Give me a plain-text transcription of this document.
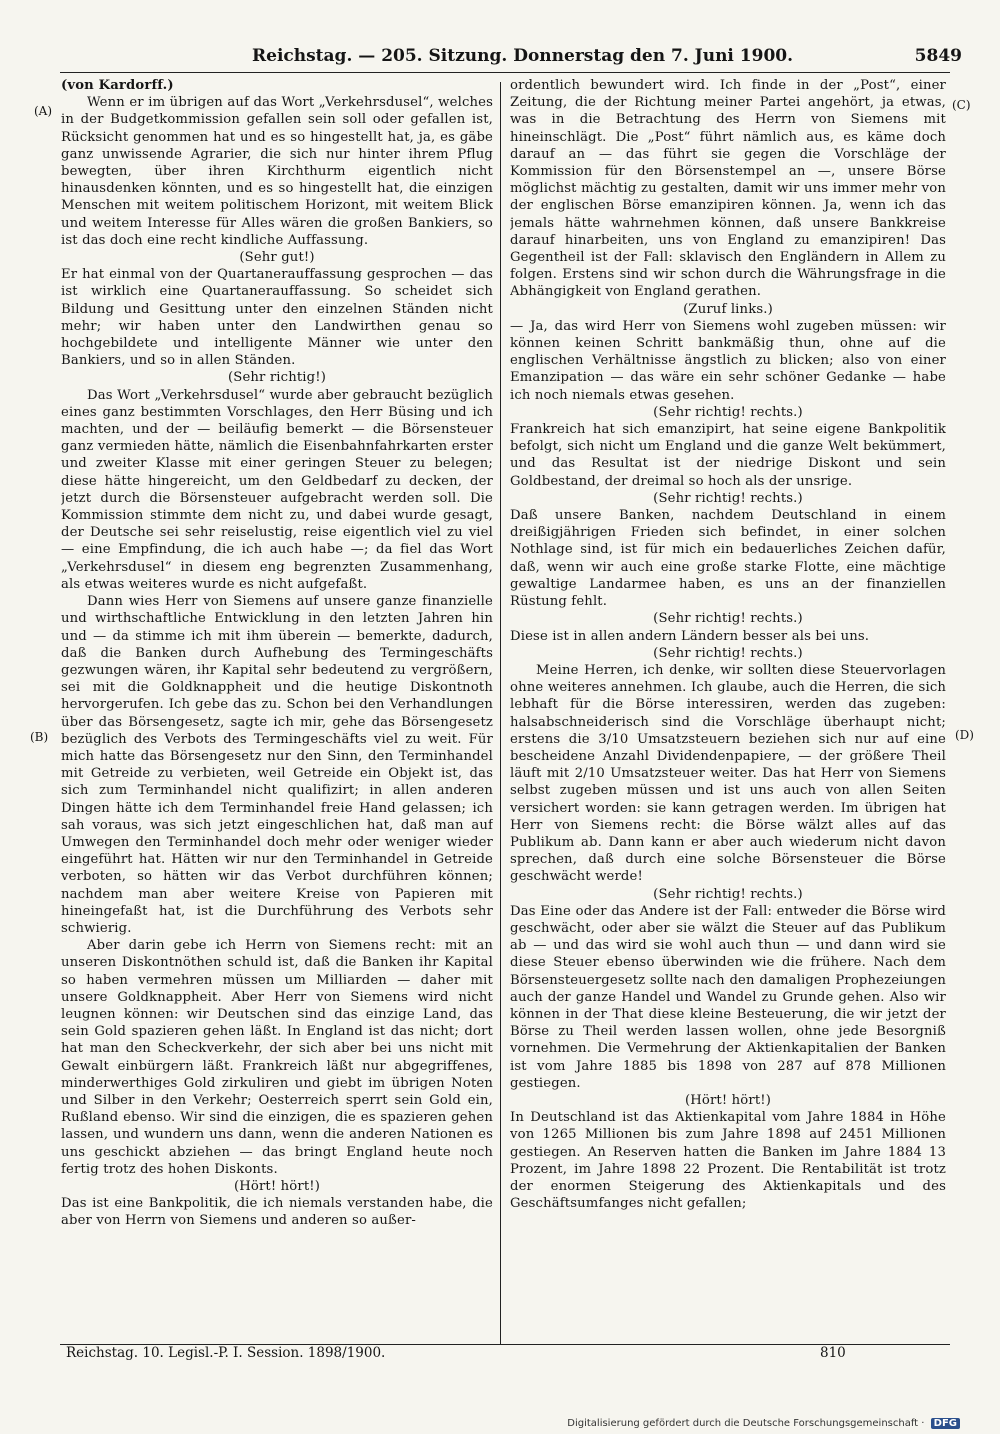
Reichstag. — 205. Sitzung. Donnerstag den 7. Juni 1900.	5849
(A)
(B)
(C)
(D)

(von Kardorff.)

Wenn er im übrigen auf das Wort „Verkehrsdusel“, welches in der Budgetkommission gefallen sein soll oder gefallen ist, Rücksicht genommen hat und es so hingestellt hat, ja, es gäbe ganz unwissende Agrarier, die sich nur hinter ihrem Pflug bewegten, über ihren Kirchthurm eigentlich nicht hinausdenken könnten, und es so hingestellt hat, die einzigen Menschen mit weitem politischem Horizont, mit weitem Blick und weitem Interesse für Alles wären die großen Bankiers, so ist das doch eine recht kindliche Auffassung.

(Sehr gut!)

Er hat einmal von der Quartanerauffassung gesprochen — das ist wirklich eine Quartanerauffassung. So scheidet sich Bildung und Gesittung unter den einzelnen Ständen nicht mehr; wir haben unter den Landwirthen genau so hochgebildete und intelligente Männer wie unter den Bankiers, und so in allen Ständen.

(Sehr richtig!)

Das Wort „Verkehrsdusel“ wurde aber gebraucht bezüglich eines ganz bestimmten Vorschlages, den Herr Büsing und ich machten, und der — beiläufig bemerkt — die Börsensteuer ganz vermieden hätte, nämlich die Eisenbahnfahrkarten erster und zweiter Klasse mit einer geringen Steuer zu belegen; diese hätte hingereicht, um den Geldbedarf zu decken, der jetzt durch die Börsensteuer aufgebracht werden soll. Die Kommission stimmte dem nicht zu, und dabei wurde gesagt, der Deutsche sei sehr reiselustig, reise eigentlich viel zu viel — eine Empfindung, die ich auch habe —; da fiel das Wort „Verkehrsdusel“ in diesem eng begrenzten Zusammenhang, als etwas weiteres wurde es nicht aufgefaßt.

Dann wies Herr von Siemens auf unsere ganze finanzielle und wirthschaftliche Entwicklung in den letzten Jahren hin und — da stimme ich mit ihm überein — bemerkte, dadurch, daß die Banken durch Aufhebung des Termingeschäfts gezwungen wären, ihr Kapital sehr bedeutend zu vergrößern, sei mit die Goldknappheit und die heutige Diskontnoth hervorgerufen. Ich gebe das zu. Schon bei den Verhandlungen über das Börsengesetz, sagte ich mir, gehe das Börsengesetz bezüglich des Verbots des Termingeschäfts viel zu weit. Für mich hatte das Börsengesetz nur den Sinn, den Terminhandel mit Getreide zu verbieten, weil Getreide ein Objekt ist, das sich zum Terminhandel nicht qualifizirt; in allen anderen Dingen hätte ich dem Terminhandel freie Hand gelassen; ich sah voraus, was sich jetzt eingeschlichen hat, daß man auf Umwegen den Terminhandel doch mehr oder weniger wieder eingeführt hat. Hätten wir nur den Terminhandel in Getreide verboten, so hätten wir das Verbot durchführen können; nachdem man aber weitere Kreise von Papieren mit hineingefaßt hat, ist die Durchführung des Verbots sehr schwierig.

Aber darin gebe ich Herrn von Siemens recht: mit an unseren Diskontnöthen schuld ist, daß die Banken ihr Kapital so haben vermehren müssen um Milliarden — daher mit unsere Goldknappheit. Aber Herr von Siemens wird nicht leugnen können: wir Deutschen sind das einzige Land, das sein Gold spazieren gehen läßt. In England ist das nicht; dort hat man den Scheckverkehr, der sich aber bei uns nicht mit Gewalt einbürgern läßt. Frankreich läßt nur abgegriffenes, minderwerthiges Gold zirkuliren und giebt im übrigen Noten und Silber in den Verkehr; Oesterreich sperrt sein Gold ein, Rußland ebenso. Wir sind die einzigen, die es spazieren gehen lassen, und wundern uns dann, wenn die anderen Nationen es uns geschickt abziehen — das bringt England heute noch fertig trotz des hohen Diskonts.

(Hört! hört!)

Das ist eine Bankpolitik, die ich niemals verstanden habe, die aber von Herrn von Siemens und anderen so außer-

ordentlich bewundert wird. Ich finde in der „Post“, einer Zeitung, die der Richtung meiner Partei angehört, ja etwas, was in die Betrachtung des Herrn von Siemens mit hineinschlägt. Die „Post“ führt nämlich aus, es käme doch darauf an — das führt sie gegen die Vorschläge der Kommission für den Börsenstempel an —, unsere Börse möglichst mächtig zu gestalten, damit wir uns immer mehr von der englischen Börse emanzipiren können. Ja, wenn ich das jemals hätte wahrnehmen können, daß unsere Bankkreise darauf hinarbeiten, uns von England zu emanzipiren! Das Gegentheil ist der Fall: sklavisch den Engländern in Allem zu folgen. Erstens sind wir schon durch die Währungsfrage in die Abhängigkeit von England gerathen.

(Zuruf links.)

— Ja, das wird Herr von Siemens wohl zugeben müssen: wir können keinen Schritt bankmäßig thun, ohne auf die englischen Verhältnisse ängstlich zu blicken; also von einer Emanzipation — das wäre ein sehr schöner Gedanke — habe ich noch niemals etwas gesehen.

(Sehr richtig! rechts.)

Frankreich hat sich emanzipirt, hat seine eigene Bankpolitik befolgt, sich nicht um England und die ganze Welt bekümmert, und das Resultat ist der niedrige Diskont und sein Goldbestand, der dreimal so hoch als der unsrige.

(Sehr richtig! rechts.)

Daß unsere Banken, nachdem Deutschland in einem dreißigjährigen Frieden sich befindet, in einer solchen Nothlage sind, ist für mich ein bedauerliches Zeichen dafür, daß, wenn wir auch eine große starke Flotte, eine mächtige gewaltige Landarmee haben, es uns an der finanziellen Rüstung fehlt.

(Sehr richtig! rechts.)

Diese ist in allen andern Ländern besser als bei uns.

(Sehr richtig! rechts.)

Meine Herren, ich denke, wir sollten diese Steuervorlagen ohne weiteres annehmen. Ich glaube, auch die Herren, die sich lebhaft für die Börse interessiren, werden das zugeben: halsabschneiderisch sind die Vorschläge überhaupt nicht; erstens die 3/10 Umsatzsteuern beziehen sich nur auf eine bescheidene Anzahl Dividendenpapiere, — der größere Theil läuft mit 2/10 Umsatzsteuer weiter. Das hat Herr von Siemens selbst zugeben müssen und ist uns auch von allen Seiten versichert worden: sie kann getragen werden. Im übrigen hat Herr von Siemens recht: die Börse wälzt alles auf das Publikum ab. Dann kann er aber auch wiederum nicht davon sprechen, daß durch eine solche Börsensteuer die Börse geschwächt werde!

(Sehr richtig! rechts.)

Das Eine oder das Andere ist der Fall: entweder die Börse wird geschwächt, oder aber sie wälzt die Steuer auf das Publikum ab — und das wird sie wohl auch thun — und dann wird sie diese Steuer ebenso überwinden wie die frühere. Nach dem Börsensteuergesetz sollte nach den damaligen Prophezeiungen auch der ganze Handel und Wandel zu Grunde gehen. Also wir können in der That diese kleine Besteuerung, die wir jetzt der Börse zu Theil werden lassen wollen, ohne jede Besorgniß vornehmen. Die Vermehrung der Aktienkapitalien der Banken ist vom Jahre 1885 bis 1898 von 287 auf 878 Millionen gestiegen.

(Hört! hört!)

In Deutschland ist das Aktienkapital vom Jahre 1884 in Höhe von 1265 Millionen bis zum Jahre 1898 auf 2451 Millionen gestiegen. An Reserven hatten die Banken im Jahre 1884 13 Prozent, im Jahre 1898 22 Prozent. Die Rentabilität ist trotz der enormen Steigerung des Aktienkapitals und des Geschäftsumfanges nicht gefallen;

Reichstag. 10. Legisl.-P. I. Session. 1898/1900.	810
Digitalisierung gefördert durch die Deutsche Forschungsgemeinschaft · DFG
